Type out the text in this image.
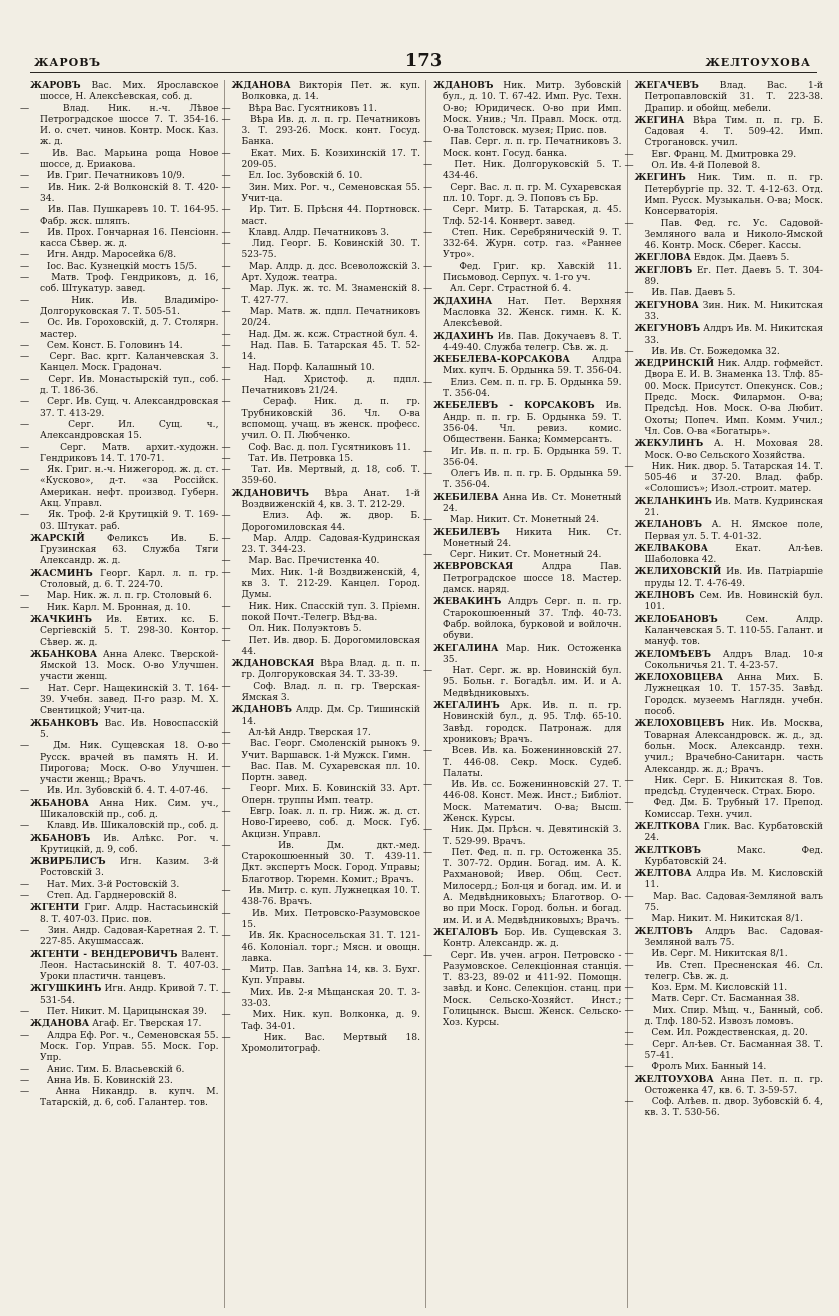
ЖАРОВЪ	173	ЖЕЛТОУХОВА
ЖАРОВЪ Вас. Мих. Ярославское шоссе, Н. Алексѣевская, соб. д.
—	Влад. Ник. н.-ч. Лѣвое Петроградское шоссе 7. Т. 354-16. И. о. счет. чинов. Контр. Моск. Каз. ж. д.
—	Ив. Вас. Марьина роща Новое шоссе, д. Ериакова.
— Ив. Григ. Печатниковъ 10/9.
— Ив. Ник. 2-й Волконскій 8. Т. 420-34.
— Ив. Пав. Пушкаревъ 10. Т. 164-95. Фабр. жск. шляпъ.
— Ив. Прох. Гончарная 16. Пенсіонн. касса Сѣвер. ж. д.
— Игн. Андр. Маросейка 6/8.
— Іос. Вас. Кузнецкій мостъ 15/5.
— Матв. Троф. Гендриковъ, д. 16, соб. Штукатур. завед.
—	Ник. Ив. Владиміро-Долгоруковская 7. Т. 505-51.
— Ос. Ив. Гороховскій, д. 7. Столярн. мастер.
— Сем. Конст. Б. Головинъ 14.
— Серг. Вас. кргг. Каланчевская 3. Канцел. Моск. Градонач.
— Серг. Ив. Монастырскій туп., соб. д. Т. 186-36.
— Серг. Ив. Сущ. ч. Александровская 37. Т. 413-29.
—	Серг. Ил. Сущ. ч., Александровская 15.
—	Серг. Матв. архит.-художн. Гендриковъ 14. Т. 170-71.
— Як. Григ. н.-ч. Нижегород. ж. д. ст. «Кусково», д-т. «за Россійск. Американ. нефт. производ. Губерн. Акц. Управл.
— Як. Троф. 2-й Крутицкій 9. Т. 169-03. Штукат. раб.
ЖАРСКІЙ Феликсъ Ив. Б. Грузинская 63. Служба Тяги Александр. ж. д.
ЖАСМИНЪ Георг. Карл. л. п. гр. Столовый, д. 6. Т. 224-70.
— Мар. Ник. ж. л. п. гр. Столовый 6.
— Ник. Карл. М. Бронная, д. 10.
ЖАЧКИНЪ Ив. Евтих. кс. Б. Сергіевскій 5. Т. 298-30. Контор. Сѣвер. ж. д.
ЖБАНКОВА Анна Алекс. Тверской-Ямской 13. Моск. О-во Улучшен. участи женщ.
— Нат. Серг. Нащекинскій 3. Т. 164-39. Учебн. завед. П-го разр. М. Х. Свентицкой; Учит-ца.
ЖБАНКОВЪ Вас. Ив. Новоспасскій 5.
—	Дм. Ник. Сущевская 18. О-во Русск. врачей въ память Н. И. Пирогова; Моск. О-во Улучшен. участи женщ.; Врачъ.
— Ив. Ил. Зубовскій б. 4. Т. 4-07-46.
ЖБАНОВА Анна Ник. Сим. уч., Шикаловскій пр., соб. д.
— Клавд. Ив. Шикаловскій пр., соб. д.
ЖБАНОВЪ Ив. Алѣкс. Рог. ч. Крутицкій, д. 9, соб.
ЖВИРБЛИСЪ Игн. Казим. 3-й Ростовскій 3.
— Нат. Мих. 3-й Ростовскій 3.
— Степ. Ад. Гарднеровскій 8.
ЖГЕНТИ Григ. Алдр. Настасьинскій 8. Т. 407-03. Прис. пов.
— Зин. Андр. Садовая-Каретная 2. Т. 227-85. Акушмассаж.
ЖГЕНТИ - ВЕНДЕРОВИЧЪ Валент. Леон. Настасьинскій 8. Т. 407-03. Уроки пластичн. танцевъ.
ЖГУШКИНЪ Игн. Андр. Кривой 7. Т. 531-54.
— Пет. Никит. М. Царицынская 39.
ЖДАНОВА Агаф. Ег. Тверская 17.
— Алдра Еф. Рог. ч., Семеновская 55. Моск. Гор. Управ. 55. Моск. Гор. Упр.
— Анис. Тим. Б. Власьевскій 6.
— Анна Ив. Б. Ковинскій 23.
—	Анна Никандр. в. купч. М. Татарскій, д. 6, соб. Галантер. тов.
ЖДАНОВА Викторія Пет. ж. куп. Волковка, д. 14.
— Вѣра Вас. Гусятниковъ 11.
— Вѣра Ив. д. л. п. гр. Печатниковъ 3. Т. 293-26. Моск. конт. Госуд. Банка.
— Екат. Мих. Б. Козихинскій 17. Т. 209-05.
— Ел. Іос. Зубовскій б. 10.
— Зин. Мих. Рог. ч., Семеновская 55. Учит-ца.
— Ир. Тит. Б. Прѣсня 44. Портновск. маст.
— Клавд. Алдр. Печатниковъ 3.
— Лид. Георг. Б. Ковинскій 30. Т. 523-75.
— Мар. Алдр. д. дсс. Всеволожскій 3. Арт. Худож. театра.
— Мар. Лук. ж. тс. М. Знаменскій 8. Т. 427-77.
— Мар. Матв. ж. пдпл. Печатниковъ 20/24.
— Над. Дм. ж. ксж. Страстной бул. 4.
— Над. Пав. Б. Татарская 45. Т. 52-14.
— Над. Порф. Калашный 10.
—	Над. Христоф. д. пдпл. Печатниковъ 21/24.
—	Сераф. Ник. д. п. гр. Трубниковскій 36. Чл. О-ва вспомощ. учащ. въ женск. професс. учил. О. П. Любченко.
— Соф. Вас. д. пол. Гусятниковъ 11.
— Тат. Ив. Петровка 15.
— Тат. Ив. Мертвый, д. 18, соб. Т. 359-60.
ЖДАНОВИЧЪ Вѣра Анат. 1-й Воздвиженскій 4, кв. 3. Т. 212-29.
—	Елиз. Аф. ж. двор. Б. Дорогомиловская 44.
— Мар. Алдр. Садовая-Кудринская 23. Т. 344-23.
— Мар. Вас. Пречистенка 40.
— Мих. Ник. 1-й Воздвиженскій, 4, кв 3. Т. 212-29. Канцел. Город. Думы.
— Ник. Ник. Спасскій туп. 3. Пріемн. покой Почт.-Телегр. Вѣд-ва.
— Ол. Ник. Полуэктовъ 5.
— Пет. Ив. двор. Б. Дорогомиловская 44.
ЖДАНОВСКАЯ Вѣра Влад. д. п. п. гр. Долгоруковская 34. Т. 33-39.
— Соф. Влад. л. п. гр. Тверская-Ямская 3.
ЖДАНОВЪ Алдр. Дм. Ср. Тишинскій 14.
— Ал-ѣй Андр. Тверская 17.
— Вас. Георг. Смоленскій рынокъ 9. Учит. Варшавск. 1-й Мужск. Гимн.
— Вас. Пав. М. Сухаревская пл. 10. Портн. завед.
— Георг. Мих. Б. Ковинскій 33. Арт. Оперн. труппы Имп. театр.
— Евгр. Іоак. л. п. гр. Ниж. ж. д. ст. Ново-Гиреево, соб. д. Моск. Губ. Акцизн. Управл.
—	Ив. Дм. дкт.-мед. Старокошюенный 30. Т. 439-11. Дкт. экспертъ Моск. Город. Управы; Благотвор. Тюремн. Комит.; Врачъ.
— Ив. Митр. с. куп. Лужнецкая 10. Т. 438-76. Врачъ.
— Ив. Мих. Петровско-Разумовское 15.
— Ив. Як. Красносельская 31. Т. 121-46. Колоніал. торг.; Мясн. и овощн. лавка.
— Митр. Пав. Запѣна 14, кв. 3. Бухг. Куп. Управы.
— Мих. Ив. 2-я Мѣщанская 20. Т. 3-33-03.
— Мих. Ник. куп. Волконка, д. 9. Таф. 34-01.
—	Ник. Вас. Мертвый 18. Хромолитограф.
ЖДАНОВЪ Ник. Митр. Зубовскій бул., д. 10. Т. 67-42. Имп. Рус. Техн. О-во; Юридическ. О-во при Имп. Моск. Унив.; Чл. Правл. Моск. отд. О-ва Толстовск. музея; Прис. пов.
— Пав. Серг. л. п. гр. Печатниковъ 3. Моск. конт. Госуд. банка.
— Пет. Ник. Долгоруковскій 5. Т. 434-46.
— Серг. Вас. л. п. гр. М. Сухаревская пл. 10. Торг. д. Э. Поповъ съ Бр.
— Серг. Митр. Б. Татарская, д. 45. Тлф. 52-14. Конверт. завед.
— Степ. Ник. Серебряническій 9. Т. 332-64. Журн. сотр. газ. «Раннее Утро».
—	Фед. Григ. кр. Хавскій 11. Письмовод. Серпух. ч. 1-го уч.
— Ал. Серг. Страстной б. 4.
ЖДАХИНА Нат. Пет. Верхняя Масловка 32. Женск. гимн. К. К. Алексѣевой.
ЖДАХИНЪ Ив. Пав. Докучаевъ 8. Т. 4-49-40. Служба телегр. Сѣв. ж. д.
ЖЕБЕЛЕВА-КОРСАКОВА Алдра Мих. купч. Б. Ордынка 59. Т. 356-04.
— Елиз. Сем. п. п. гр. Б. Ордынка 59. Т. 356-04.
ЖЕБЕЛЕВЪ - КОРСАКОВЪ Ив. Андр. п. п. гр. Б. Ордынка 59. Т. 356-04. Чл. ревиз. комис. Общественн. Банка; Коммерсантъ.
— Иг. Ив. п. п. гр. Б. Ордынка 59. Т. 356-04.
— Олегъ Ив. п. п. гр. Б. Ордынка 59. Т. 356-04.
ЖЕБИЛЕВА Анна Ив. Ст. Монетный 24.
— Мар. Никит. Ст. Монетный 24.
ЖЕБИЛЕВЪ Никита Ник. Ст. Монетный 24.
— Серг. Никит. Ст. Монетный 24.
ЖЕВРОВСКАЯ	Алдра Пав. Петроградское шоссе 18. Мастер. дамск. наряд.
ЖЕВАКИНЪ Алдръ Серг. п. п. гр. Старокошюенный 37. Тлф. 40-73. Фабр. войлока, бурковой и войлочн. обуви.
ЖЕГАЛИНА Мар. Ник. Остоженка 35.
— Нат. Серг. ж. вр. Новинскій бул. 95. Больн. г. Богадѣл. им. И. и А. Медвѣдниковыхъ.
ЖЕГАЛИНЪ Арк. Ив. п. п. гр. Новинскій бул., д. 95. Тлф. 65-10. Завѣд. городск. Патронаж. для хрониковъ; Врачъ.
— Всев. Ив. ка. Боженинновскій 27. Т. 446-08. Секр. Моск. Судеб. Палаты.
— Ив. Ив. сс. Боженинновскій 27. Т. 446-08. Конст. Меж. Инст.; Библіот. Моск. Математич. О-ва; Высш. Женск. Курсы.
— Ник. Дм. Прѣсн. ч. Девятинскій 3. Т. 529-99. Врачъ.
— Пет. Фед. п. п. гр. Остоженка 35. Т. 307-72. Ордин. Богад. им. А. К. Рахмановой; Ивер. Общ. Сест. Милосерд.; Бол-ця и богад. им. И. и А. Медвѣдниковыхъ; Благотвор. О-во при Моск. Город. больн. и богад. им. И. и А. Медвѣдниковыхъ; Врачъ.
ЖЕГАЛОВЪ Бор. Ив. Сущевская 3. Контр. Александр. ж. д.
— Серг. Ив. учен. агрон. Петровско - Разумовское. Селекціонная станція. Т. 83-23, 89-02 и 411-92. Помощн. завѣд. и Конс. Селекціон. станц. при Моск. Сельско-Хозяйст. Инст.; Голицынск. Высш. Женск. Сельско-Хоз. Курсы.
ЖЕГАЧЕВЪ Влад. Вас. 1-й Петропавловскій 31. Т. 223-38. Драпир. и обойщ. мебели.
ЖЕГИНА Вѣра Тим. п. п. гр. Б. Садовая 4. Т. 509-42. Имп. Строгановск. учил.
— Евг. Франц. М. Дмитровка 29.
— Ол. Ив. 4-й Полевой 8.
ЖЕГИНЪ Ник. Тим. п. п. гр. Петербургіе пр. 32. Т. 4-12-63. Отд. Имп. Русск. Музыкальн. О-ва; Моск. Консерваторія.
—	Пав. Фед. гс. Ус. Садовой-Земляного вала и Николо-Ямской 46. Контр. Моск. Сберег. Кассы.
ЖЕГЛОВА Евдок. Дм. Даевъ 5.
ЖЕГЛОВЪ Ег. Пет. Даевъ 5. Т. 304-89.
— Ив. Пав. Даевъ 5.
ЖЕГУНОВА Зин. Ник. М. Никитская 33.
ЖЕГУНОВЪ Алдръ Ив. М. Никитская 33.
— Ив. Ив. Ст. Божедомка 32.
ЖЕДРИНСКІЙ Ник. Алдр. гофмейст. Двора Е. И. В. Знаменка 13. Тлф. 85-00. Моск. Присутст. Опекунск. Сов.; Предс. Моск. Филармон. О-ва; Предсѣд. Нов. Моск. О-ва Любит. Охоты; Попеч. Имп. Комм. Учил.; Чл. Сов. О-ва «Богатырь».
ЖЕКУЛИНЪ А. Н. Моховая 28. Моск. О-во Сельского Хозяйства.
— Ник. Ник. двор. 5. Татарская 14. Т. 505-46 и 37-20. Влад. фабр. «Солошисъ»; Изол.-строит. матер.
ЖЕЛАНКИНЪ Ив. Матв. Кудринская 21.
ЖЕЛАНОВЪ А. Н. Ямское поле, Первая ул. 5. Т. 4-01-32.
ЖЕЛВАКОВА	Екат. Ал-ѣев. Шаболовка 42.
ЖЕЛИХОВСКІЙ Ив. Ив. Патріаршіе пруды 12. Т. 4-76-49.
ЖЕЛНОВЪ Сем. Ив. Новинскій бул. 101.
ЖЕЛОБАНОВЪ	Сем. Алдр. Каланчевская 5. Т. 110-55. Галант. и мануф. тов.
ЖЕЛОМѢЕВЪ Алдръ Влад. 10-я Сокольничья 21. Т. 4-23-57.
ЖЕЛОХОВЦЕВА Анна Мих. Б. Лужнецкая 10. Т. 157-35. Завѣд. Городск. музеемъ Наглядн. учебн. пособ.
ЖЕЛОХОВЦЕВЪ Ник. Ив. Москва, Товарная Александровск. ж. д., зд. больн. Моск. Александр. техн. учил.; Врачебно-Санитарн. часть Александр. ж. д.; Врачъ.
— Ник. Серг. Б. Никитская 8. Тов. предсѣд. Студенческ. Страх. Бюро.
— Фед. Дм. Б. Трубный 17. Препод. Комиссар. Техн. учил.
ЖЕЛТКОВА Глик. Вас. Курбатовскій 24.
ЖЕЛТКОВЪ	Макс. Фед. Курбатовскій 24.
ЖЕЛТОВА Алдра Ив. М. Кисловскій 11.
— Мар. Вас. Садовая-Земляной валъ 75.
— Мар. Никит. М. Никитская 8/1.
ЖЕЛТОВЪ Алдръ Вас. Садовая-Земляной валъ 75.
— Ив. Серг. М. Никитская 8/1.
— Ив. Степ. Пресненская 46. Сл. телегр. Сѣв. ж. д.
— Коз. Ерм. М. Кисловскій 11.
— Матв. Серг. Ст. Басманная 38.
— Мих. Спир. Мѣщ. ч., Банный, соб. д. Тлф. 180-52. Извозъ ломовъ.
— Сем. Ил. Рождественская, д. 20.
— Серг. Ал-ѣев. Ст. Басманная 38. Т. 57-41.
— Фролъ Мих. Банный 14.
ЖЕЛТОУХОВА Анна Пет. п. п. гр. Остоженка 47, кв. 6. Т. 3-59-57.
— Соф. Алѣев. п. двор. Зубовскій б. 4, кв. 3. Т. 530-56.
